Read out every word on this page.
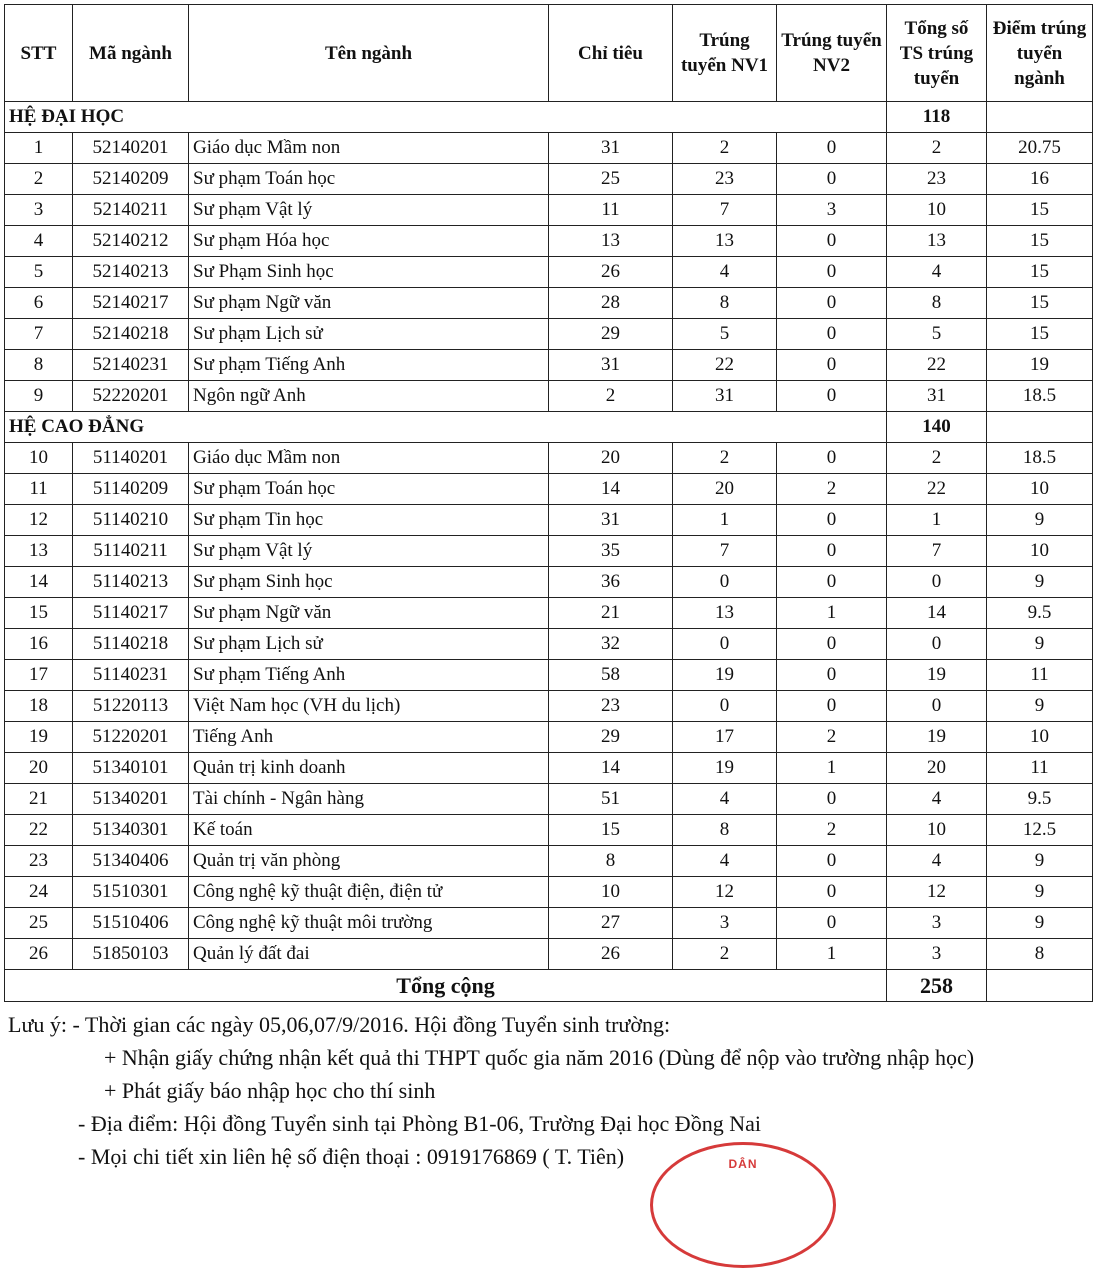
STT	Mã ngành	Tên ngành	Chỉ tiêu	Trúng tuyển NV1	Trúng tuyển NV2	Tổng số TS trúng tuyển	Điểm trúng tuyển ngành
HỆ ĐẠI HỌC						118	
1	52140201	Giáo dục Mầm non	31	2	0	2	20.75
2	52140209	Sư phạm Toán học	25	23	0	23	16
3	52140211	Sư phạm Vật lý	11	7	3	10	15
4	52140212	Sư phạm Hóa học	13	13	0	13	15
5	52140213	Sư Phạm Sinh học	26	4	0	4	15
6	52140217	Sư phạm Ngữ văn	28	8	0	8	15
7	52140218	Sư phạm Lịch sử	29	5	0	5	15
8	52140231	Sư phạm Tiếng Anh	31	22	0	22	19
9	52220201	Ngôn ngữ Anh	2	31	0	31	18.5
HỆ CAO ĐẲNG						140	
10	51140201	Giáo dục Mầm non	20	2	0	2	18.5
11	51140209	Sư phạm Toán học	14	20	2	22	10
12	51140210	Sư phạm Tin học	31	1	0	1	9
13	51140211	Sư phạm Vật lý	35	7	0	7	10
14	51140213	Sư phạm Sinh học	36	0	0	0	9
15	51140217	Sư phạm Ngữ văn	21	13	1	14	9.5
16	51140218	Sư phạm Lịch sử	32	0	0	0	9
17	51140231	Sư phạm Tiếng Anh	58	19	0	19	11
18	51220113	Việt Nam học (VH du lịch)	23	0	0	0	9
19	51220201	Tiếng Anh	29	17	2	19	10
20	51340101	Quản trị kinh doanh	14	19	1	20	11
21	51340201	Tài chính - Ngân hàng	51	4	0	4	9.5
22	51340301	Kế toán	15	8	2	10	12.5
23	51340406	Quản trị văn phòng	8	4	0	4	9
24	51510301	Công nghệ kỹ thuật điện, điện tử	10	12	0	12	9
25	51510406	Công nghệ kỹ thuật môi trường	27	3	0	3	9
26	51850103	Quản lý đất đai	26	2	1	3	8
Tổng cộng						258	
Lưu ý: - Thời gian các ngày 05,06,07/9/2016. Hội đồng Tuyển sinh trường:
+ Nhận giấy chứng nhận kết quả thi THPT quốc gia năm 2016 (Dùng để nộp vào trường nhập học)
+ Phát giấy báo nhập học cho thí sinh
- Địa điểm: Hội đồng Tuyển sinh tại Phòng B1-06, Trường Đại học Đồng Nai
- Mọi chi tiết xin liên hệ số điện thoại : 0919176869 ( T. Tiên)	DÂN
